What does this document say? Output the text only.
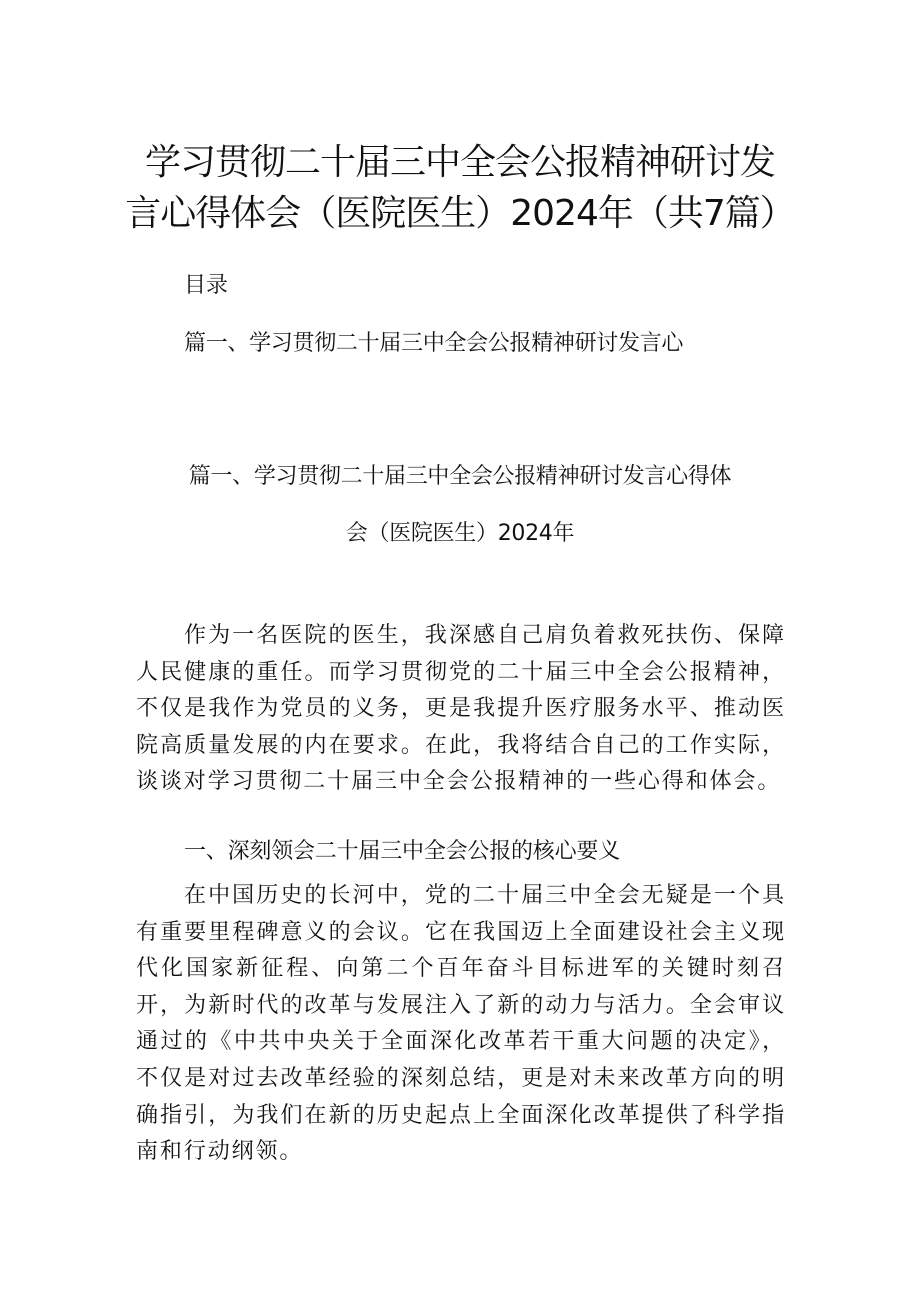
学习贯彻二十届三中全会公报精神研讨发
言心得体会（医院医生）2024年（共7篇）
目录
篇一、学习贯彻二十届三中全会公报精神研讨发言心
篇一、学习贯彻二十届三中全会公报精神研讨发言心得体
会（医院医生）2024年

作为一名医院的医生，我深感自己肩负着救死扶伤、保障人民健康的重任。而学习贯彻党的二十届三中全会公报精神，不仅是我作为党员的义务，更是我提升医疗服务水平、推动医院高质量发展的内在要求。在此，我将结合自己的工作实际，谈谈对学习贯彻二十届三中全会公报精神的一些心得和体会。

一、深刻领会二十届三中全会公报的核心要义

在中国历史的长河中，党的二十届三中全会无疑是一个具有重要里程碑意义的会议。它在我国迈上全面建设社会主义现代化国家新征程、向第二个百年奋斗目标进军的关键时刻召开，为新时代的改革与发展注入了新的动力与活力。全会审议通过的《中共中央关于全面深化改革若干重大问题的决定》，不仅是对过去改革经验的深刻总结，更是对未来改革方向的明确指引，为我们在新的历史起点上全面深化改革提供了科学指南和行动纲领。
